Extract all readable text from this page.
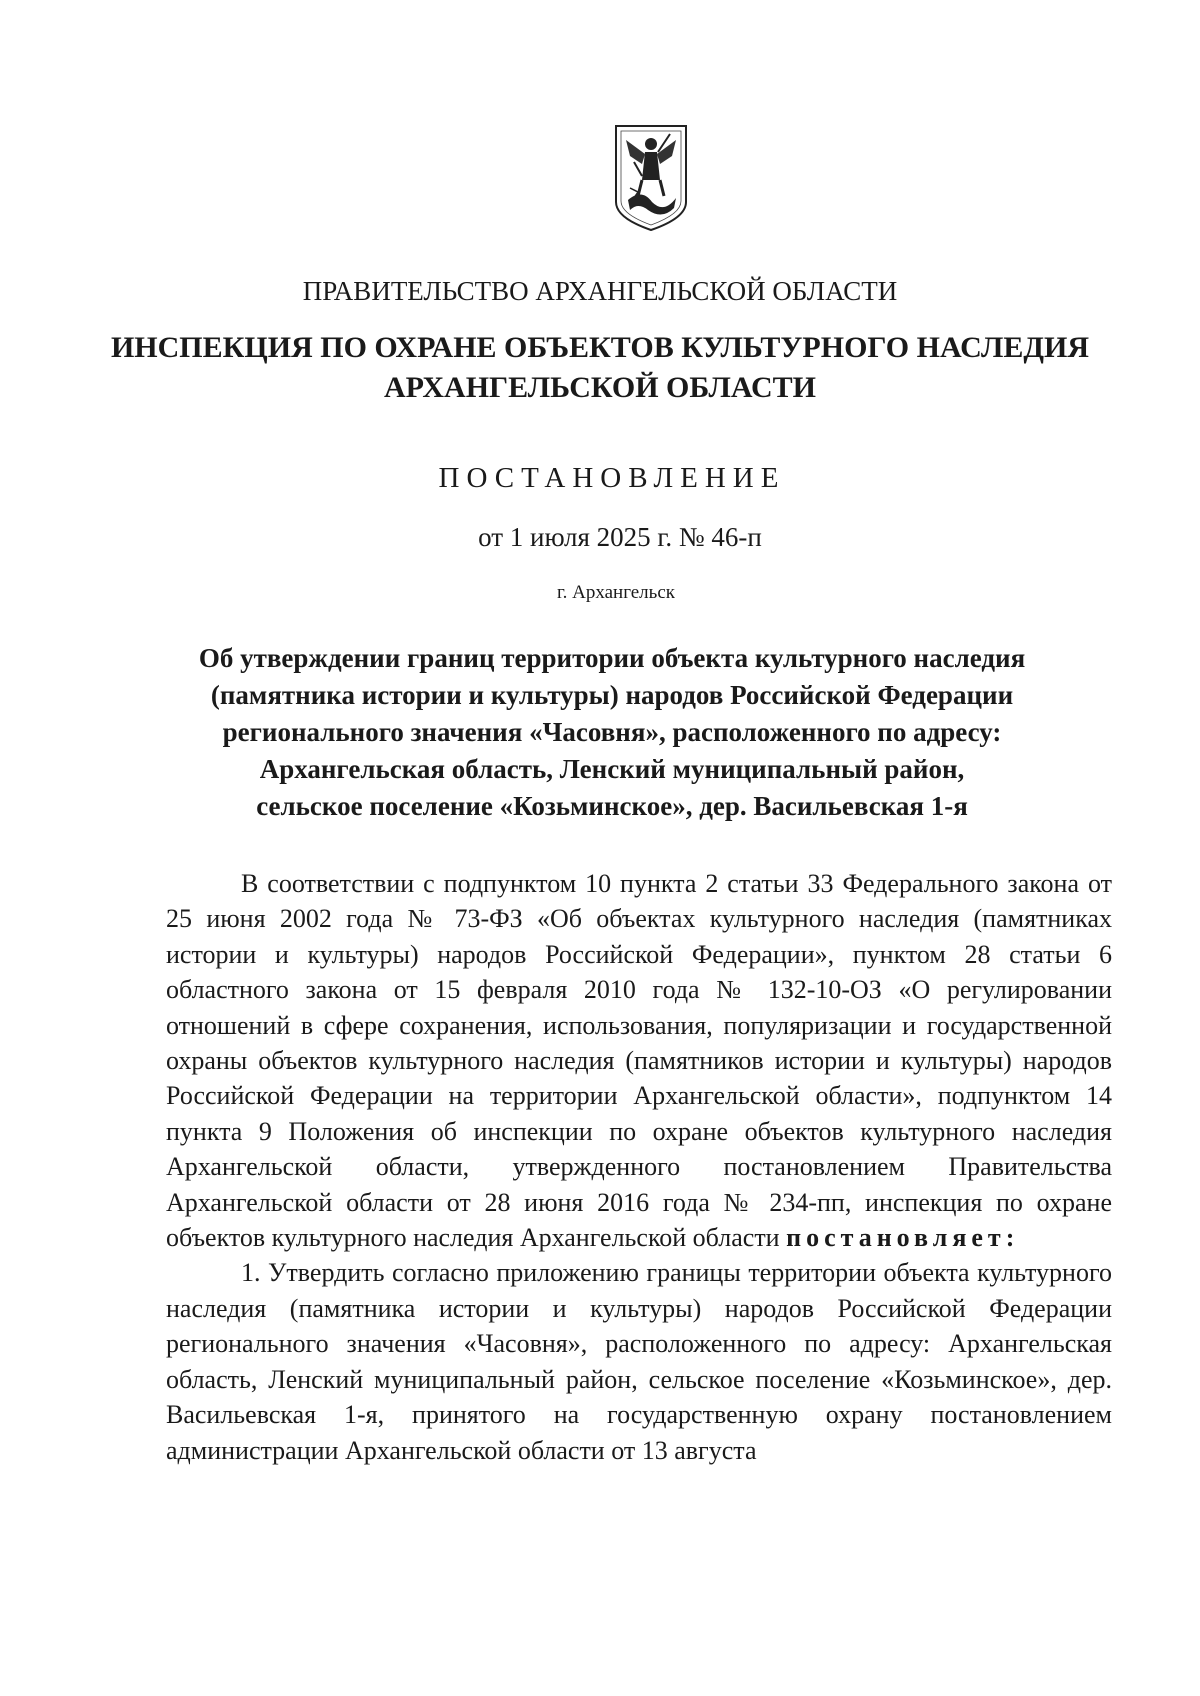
ПРАВИТЕЛЬСТВО АРХАНГЕЛЬСКОЙ ОБЛАСТИ
ИНСПЕКЦИЯ ПО ОХРАНЕ ОБЪЕКТОВ КУЛЬТУРНОГО НАСЛЕДИЯ
АРХАНГЕЛЬСКОЙ ОБЛАСТИ
ПОСТАНОВЛЕНИЕ
от 1 июля 2025 г. № 46-п
г. Архангельск
Об утверждении границ территории объекта культурного наследия
(памятника истории и культуры) народов Российской Федерации
регионального значения «Часовня», расположенного по адресу:
Архангельская область, Ленский муниципальный район,
сельское поселение «Козьминское», дер. Васильевская 1-я

В соответствии с подпунктом 10 пункта 2 статьи 33 Федерального закона от 25 июня 2002 года № 73-ФЗ «Об объектах культурного наследия (памятниках истории и культуры) народов Российской Федерации», пунктом 28 статьи 6 областного закона от 15 февраля 2010 года № 132-10-ОЗ «О регулировании отношений в сфере сохранения, использования, популяризации и государственной охраны объектов культурного наследия (памятников истории и культуры) народов Российской Федерации на территории Архангельской области», подпунктом 14 пункта 9 Положения об инспекции по охране объектов культурного наследия Архангельской области, утвержденного постановлением Правительства Архангельской области от 28 июня 2016 года № 234-пп, инспекция по охране объектов культурного наследия Архангельской области постановляет:

1. Утвердить согласно приложению границы территории объекта культурного наследия (памятника истории и культуры) народов Российской Федерации регионального значения «Часовня», расположенного по адресу: Архангельская область, Ленский муниципальный район, сельское поселение «Козьминское», дер. Васильевская 1-я, принятого на государственную охрану постановлением администрации Архангельской области от 13 августа
